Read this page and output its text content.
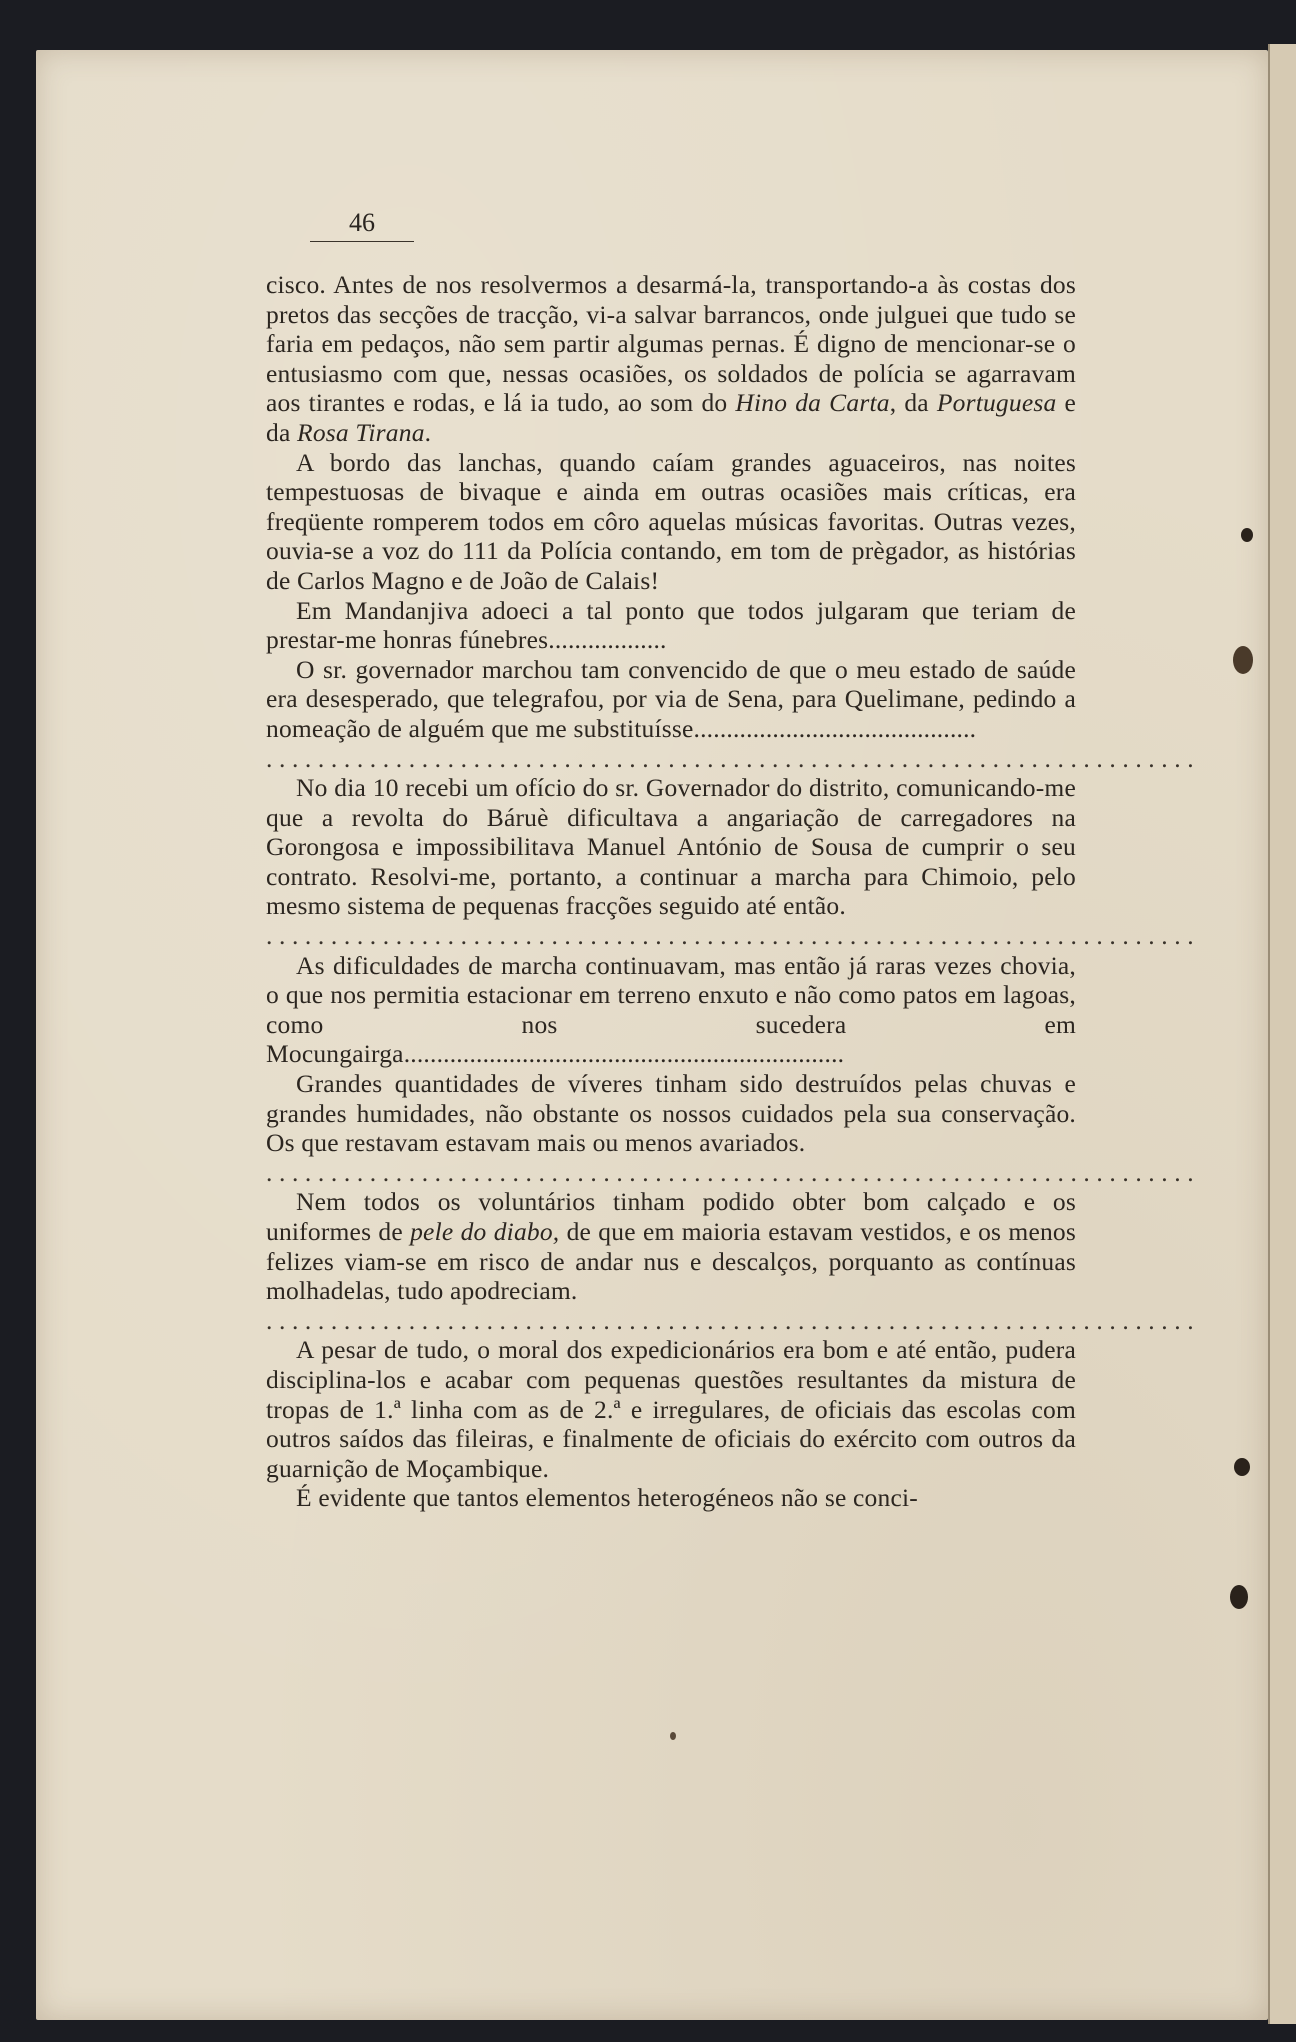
46

cisco. Antes de nos resolvermos a desarmá-la, transportando-a às costas dos pretos das secções de tracção, vi-a salvar barrancos, onde julguei que tudo se faria em pedaços, não sem partir algumas pernas. É digno de mencionar-se o entusiasmo com que, nessas ocasiões, os soldados de polícia se agarravam aos tirantes e rodas, e lá ia tudo, ao som do Hino da Carta, da Portuguesa e da Rosa Tirana.

A bordo das lanchas, quando caíam grandes aguaceiros, nas noites tempestuosas de bivaque e ainda em outras ocasiões mais críticas, era freqüente romperem todos em côro aquelas músicas favoritas. Outras vezes, ouvia-se a voz do 111 da Polícia contando, em tom de prègador, as histórias de Carlos Magno e de João de Calais!

Em Mandanjiva adoeci a tal ponto que todos julgaram que teriam de prestar-me honras fúnebres..................

O sr. governador marchou tam convencido de que o meu estado de saúde era desesperado, que telegrafou, por via de Sena, para Quelimane, pedindo a nomeação de alguém que me substituísse...........................................

........................................................................

No dia 10 recebi um ofício do sr. Governador do distrito, comunicando-me que a revolta do Báruè dificultava a angariação de carregadores na Gorongosa e impossibilitava Manuel António de Sousa de cumprir o seu contrato. Resolvi-me, portanto, a continuar a marcha para Chimoio, pelo mesmo sistema de pequenas fracções seguido até então.

........................................................................

As dificuldades de marcha continuavam, mas então já raras vezes chovia, o que nos permitia estacionar em terreno enxuto e não como patos em lagoas, como nos sucedera em Mocungairga...................................................................

Grandes quantidades de víveres tinham sido destruídos pelas chuvas e grandes humidades, não obstante os nossos cuidados pela sua conservação. Os que restavam estavam mais ou menos avariados.

........................................................................

Nem todos os voluntários tinham podido obter bom calçado e os uniformes de pele do diabo, de que em maioria estavam vestidos, e os menos felizes viam-se em risco de andar nus e descalços, porquanto as contínuas molhadelas, tudo apodreciam.

........................................................................

A pesar de tudo, o moral dos expedicionários era bom e até então, pudera disciplina-los e acabar com pequenas questões resultantes da mistura de tropas de 1.ª linha com as de 2.ª e irregulares, de oficiais das escolas com outros saídos das fileiras, e finalmente de oficiais do exército com outros da guarnição de Moçambique.

É evidente que tantos elementos heterogéneos não se conci-
